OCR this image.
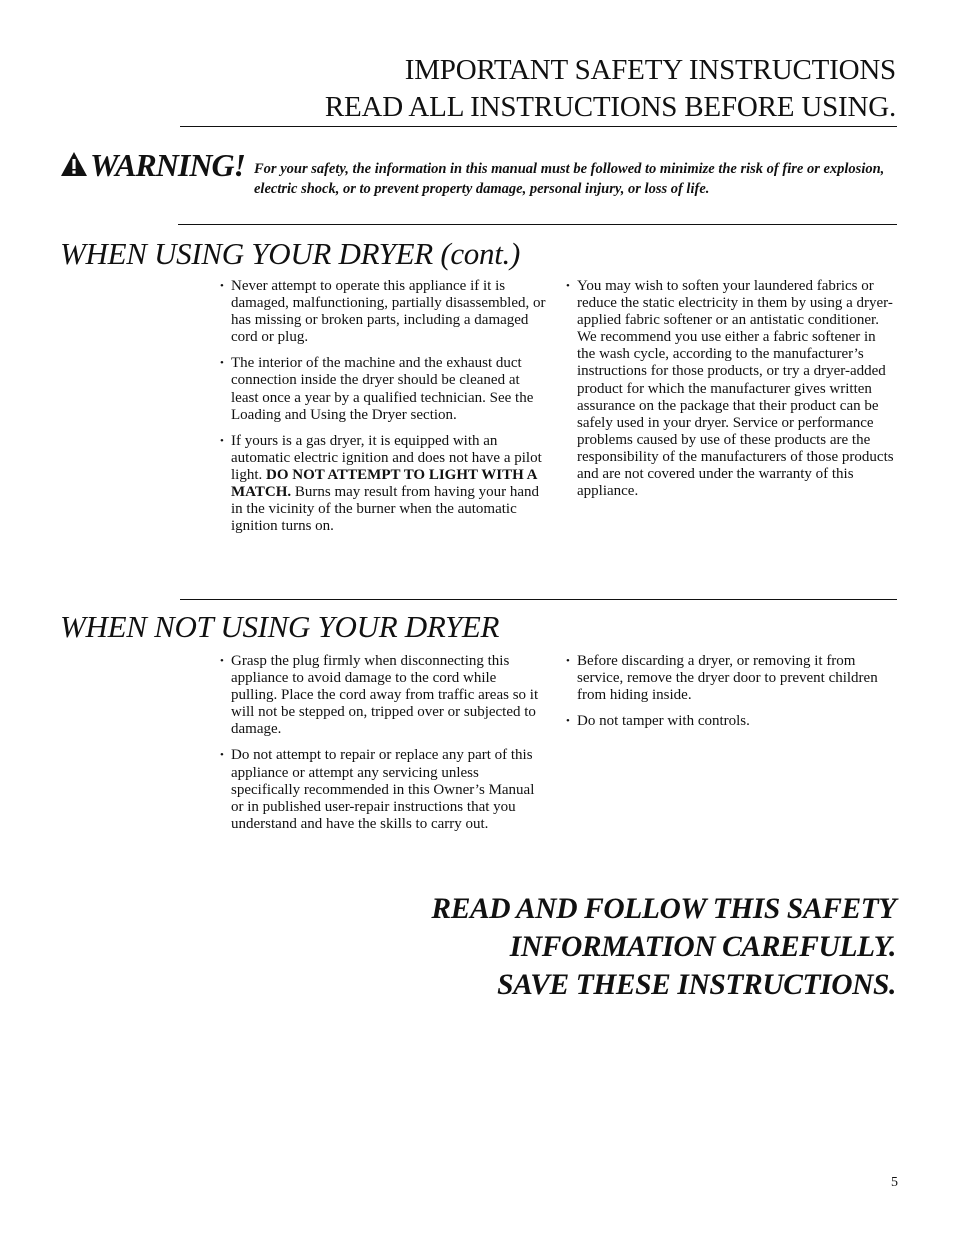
IMPORTANT SAFETY INSTRUCTIONS
READ ALL INSTRUCTIONS BEFORE USING.
WARNING! For your safety, the information in this manual must be followed to minimize the risk of fire or explosion, electric shock, or to prevent property damage, personal injury, or loss of life.
WHEN USING YOUR DRYER (cont.)
• Never attempt to operate this appliance if it is damaged, malfunctioning, partially disassembled, or has missing or broken parts, including a damaged cord or plug.
• The interior of the machine and the exhaust duct connection inside the dryer should be cleaned at least once a year by a qualified technician. See the Loading and Using the Dryer section.
• If yours is a gas dryer, it is equipped with an automatic electric ignition and does not have a pilot light. DO NOT ATTEMPT TO LIGHT WITH A MATCH. Burns may result from having your hand in the vicinity of the burner when the automatic ignition turns on.
• You may wish to soften your laundered fabrics or reduce the static electricity in them by using a dryer-applied fabric softener or an antistatic conditioner. We recommend you use either a fabric softener in the wash cycle, according to the manufacturer’s instructions for those products, or try a dryer-added product for which the manufacturer gives written assurance on the package that their product can be safely used in your dryer. Service or performance problems caused by use of these products are the responsibility of the manufacturers of those products and are not covered under the warranty of this appliance.
WHEN NOT USING YOUR DRYER
• Grasp the plug firmly when disconnecting this appliance to avoid damage to the cord while pulling. Place the cord away from traffic areas so it will not be stepped on, tripped over or subjected to damage.
• Do not attempt to repair or replace any part of this appliance or attempt any servicing unless specifically recommended in this Owner’s Manual or in published user-repair instructions that you understand and have the skills to carry out.
• Before discarding a dryer, or removing it from service, remove the dryer door to prevent children from hiding inside.
• Do not tamper with controls.

READ AND FOLLOW THIS SAFETY
INFORMATION CAREFULLY.
SAVE THESE INSTRUCTIONS.

5
